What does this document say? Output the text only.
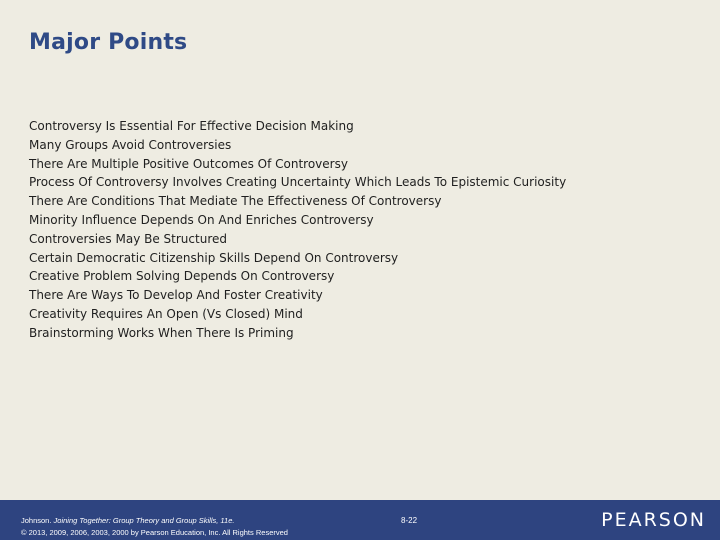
Major Points
Controversy Is Essential For Effective Decision Making
Many Groups Avoid Controversies
There Are Multiple Positive Outcomes Of Controversy
Process Of Controversy Involves Creating Uncertainty Which Leads To Epistemic Curiosity
There Are Conditions That Mediate The Effectiveness Of Controversy
Minority Influence Depends On And Enriches Controversy
Controversies May Be Structured
Certain Democratic Citizenship Skills Depend On Controversy
Creative Problem Solving Depends On Controversy
There Are Ways To Develop And Foster Creativity
Creativity Requires An Open (Vs Closed) Mind
Brainstorming Works When There Is Priming
Johnson. Joining Together: Group Theory and Group Skills, 11e.
© 2013, 2009, 2006, 2003, 2000 by Pearson Education, Inc. All Rights Reserved
8-22	PEARSON
